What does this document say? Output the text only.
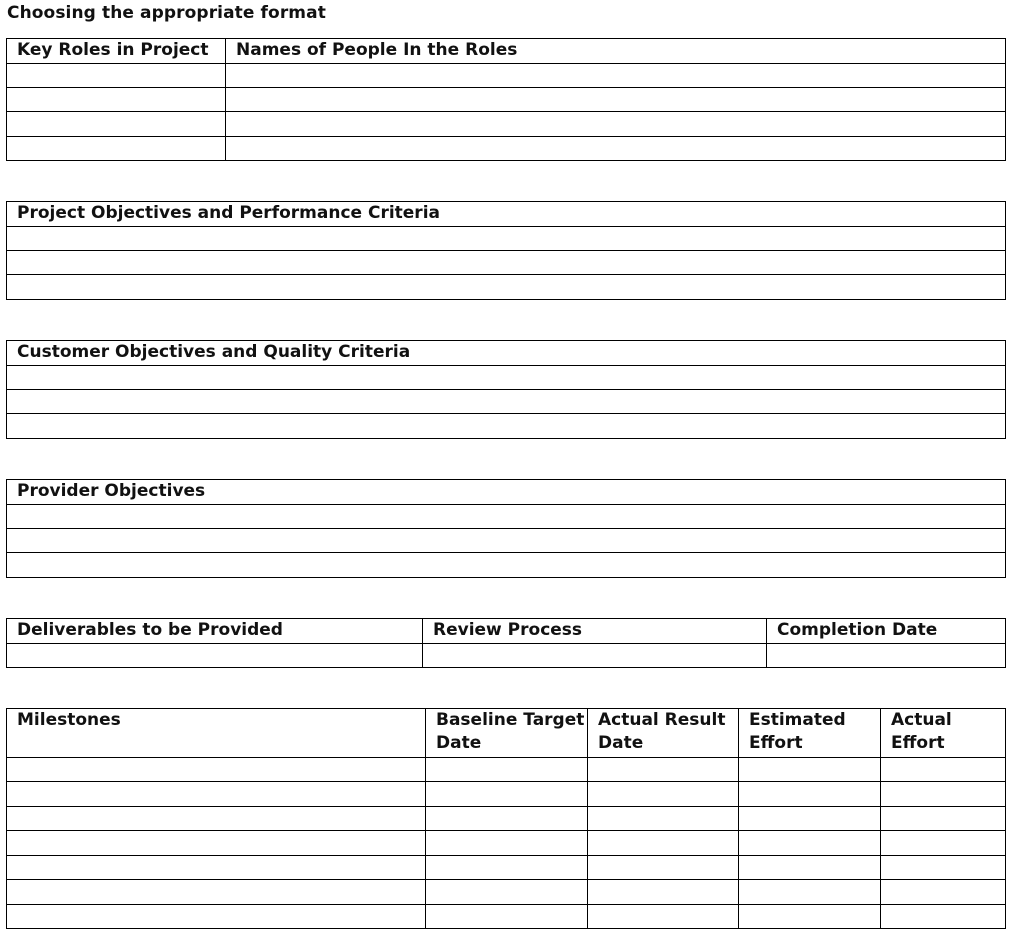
Choosing the appropriate format
Key Roles in Project	Names of People In the Roles

Project Objectives and Performance Criteria

Customer Objectives and Quality Criteria

Provider Objectives

Deliverables to be Provided	Review Process	Completion Date

Milestones	Baseline Target Date	Actual Result Date	Estimated Effort	Actual Effort
